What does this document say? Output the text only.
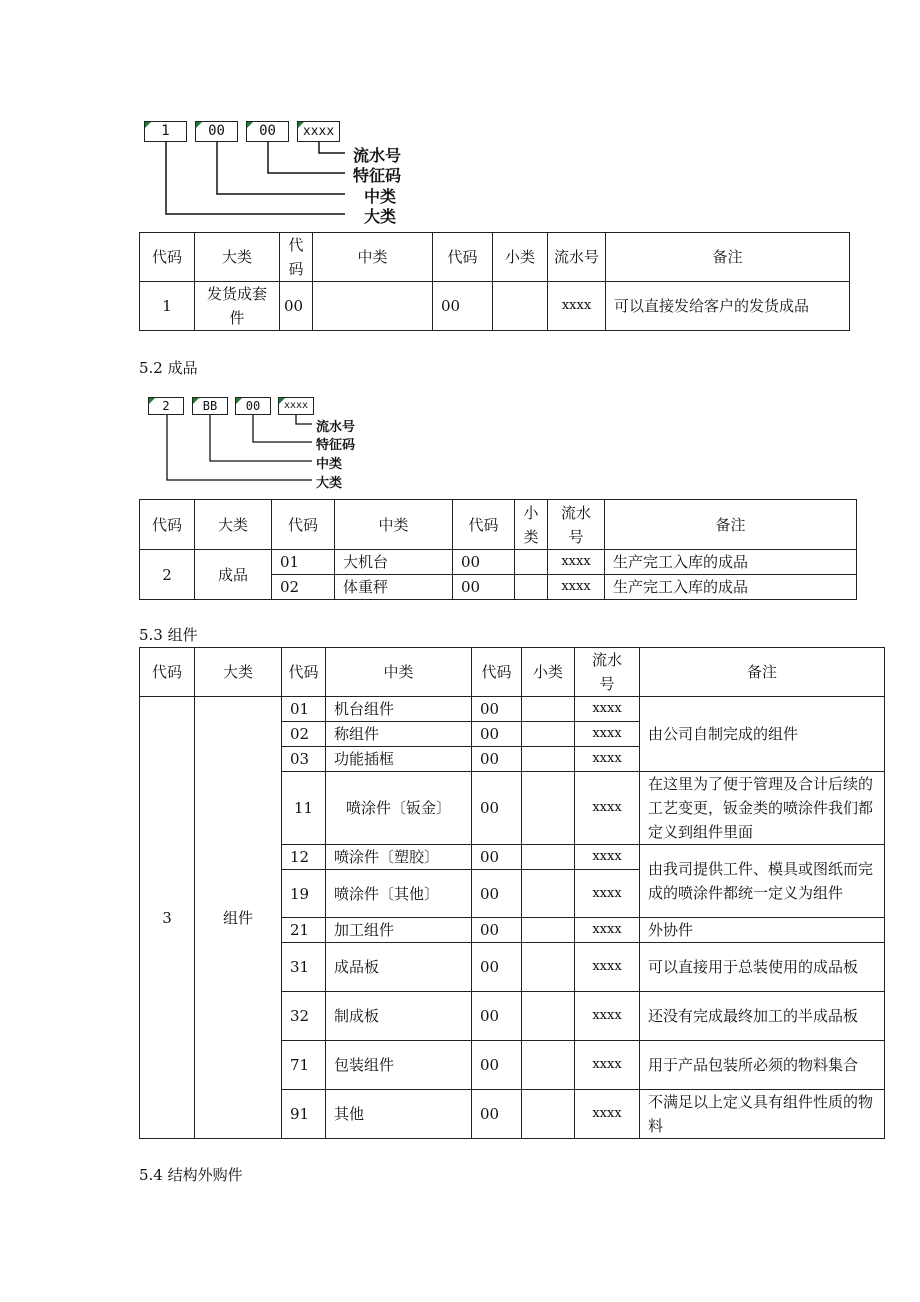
1	00	00	xxxx
流水号
特征码
中类
大类
代码	大类	代码	中类	代码	小类	流水号	备注
1	发货成套件	00		00		xxxx	可以直接发给客户的发货成品
5.2 成品
2	BB	00	xxxx
流水号
特征码
中类
大类
代码	大类	代码	中类	代码	小类	流水号	备注
2	成品	01	大机台	00		xxxx	生产完工入库的成品
		02	体重秤	00		xxxx	生产完工入库的成品
5.3 组件
代码	大类	代码	中类	代码	小类	流水号	备注
3	组件	01	机台组件	00		xxxx	由公司自制完成的组件
		02	称组件	00		xxxx	
		03	功能插框	00		xxxx	
		11	喷涂件〔钣金〕	00		xxxx	在这里为了便于管理及合计后续的工艺变更，钣金类的喷涂件我们都定义到组件里面
		12	喷涂件〔塑胶〕	00		xxxx	由我司提供工件、模具或图纸而完成的喷涂件都统一定义为组件
		19	喷涂件〔其他〕	00		xxxx	
		21	加工组件	00		xxxx	外协件
		31	成品板	00		xxxx	可以直接用于总装使用的成品板
		32	制成板	00		xxxx	还没有完成最终加工的半成品板
		71	包装组件	00		xxxx	用于产品包装所必须的物料集合
		91	其他	00		xxxx	不满足以上定义具有组件性质的物料
5.4 结构外购件
